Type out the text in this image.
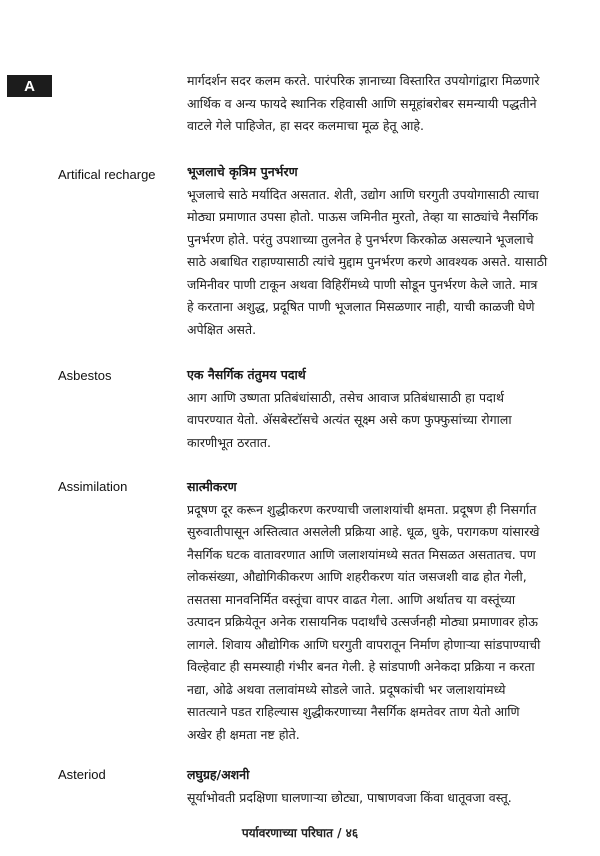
A	मार्गदर्शन सदर कलम करते. पारंपरिक ज्ञानाच्या विस्तारित उपयोगांद्वारा मिळणारे
आर्थिक व अन्य फायदे स्थानिक रहिवासी आणि समूहांबरोबर समन्यायी पद्धतीने
वाटले गेले पाहिजेत, हा सदर कलमाचा मूळ हेतू आहे.
Artifical recharge	भूजलाचे कृत्रिम पुनर्भरण
भूजलाचे साठे मर्यादित असतात. शेती, उद्योग आणि घरगुती उपयोगासाठी त्याचा
मोठ्या प्रमाणात उपसा होतो. पाऊस जमिनीत मुरतो, तेव्हा या साठ्यांचे नैसर्गिक
पुनर्भरण होते. परंतु उपशाच्या तुलनेत हे पुनर्भरण किरकोळ असल्याने भूजलाचे
साठे अबाधित राहाण्यासाठी त्यांचे मुद्दाम पुनर्भरण करणे आवश्यक असते. यासाठी
जमिनीवर पाणी टाकून अथवा विहिरींमध्ये पाणी सोडून पुनर्भरण केले जाते. मात्र
हे करताना अशुद्ध, प्रदूषित पाणी भूजलात मिसळणार नाही, याची काळजी घेणे
अपेक्षित असते.
Asbestos	एक नैसर्गिक तंतुमय पदार्थ
आग आणि उष्णता प्रतिबंधांसाठी, तसेच आवाज प्रतिबंधासाठी हा पदार्थ
वापरण्यात येतो. ॲसबेस्टॉसचे अत्यंत सूक्ष्म असे कण फुफ्फुसांच्या रोगाला
कारणीभूत ठरतात.
Assimilation	सात्मीकरण
प्रदूषण दूर करून शुद्धीकरण करण्याची जलाशयांची क्षमता. प्रदूषण ही निसर्गात
सुरुवातीपासून अस्तित्वात असलेली प्रक्रिया आहे. धूळ, धुके, परागकण यांसारखे
नैसर्गिक घटक वातावरणात आणि जलाशयांमध्ये सतत मिसळत असतातच. पण
लोकसंख्या, औद्योगिकीकरण आणि शहरीकरण यांत जसजशी वाढ होत गेली,
तसतसा मानवनिर्मित वस्तूंचा वापर वाढत गेला. आणि अर्थातच या वस्तूंच्या
उत्पादन प्रक्रियेतून अनेक रासायनिक पदार्थांचे उत्सर्जनही मोठ्या प्रमाणावर होऊ
लागले. शिवाय औद्योगिक आणि घरगुती वापरातून निर्माण होणाऱ्या सांडपाण्याची
विल्हेवाट ही समस्याही गंभीर बनत गेली. हे सांडपाणी अनेकदा प्रक्रिया न करता
नद्या, ओढे अथवा तलावांमध्ये सोडले जाते. प्रदूषकांची भर जलाशयांमध्ये
सातत्याने पडत राहिल्यास शुद्धीकरणाच्या नैसर्गिक क्षमतेवर ताण येतो आणि
अखेर ही क्षमता नष्ट होते.
Asteriod	लघुग्रह/अशनी
सूर्याभोवती प्रदक्षिणा घालणाऱ्या छोट्या, पाषाणवजा किंवा धातूवजा वस्तू.
पर्यावरणाच्या परिघात / ४६
